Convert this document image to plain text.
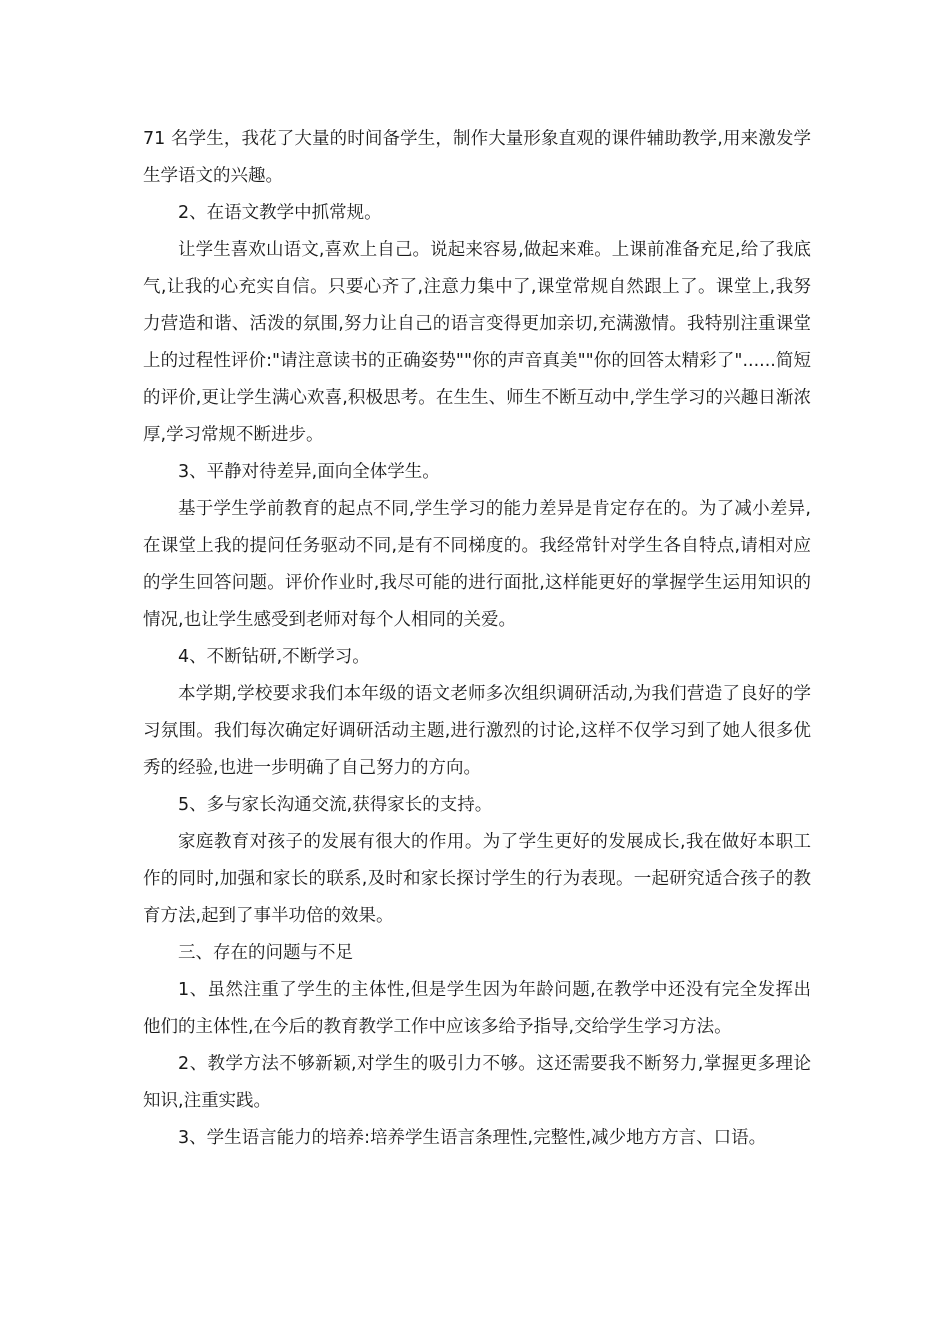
71 名学生，我花了大量的时间备学生，制作大量形象直观的课件辅助教学,用来激发学生学语文的兴趣。

2、在语文教学中抓常规。

让学生喜欢山语文,喜欢上自己。说起来容易,做起来难。上课前准备充足,给了我底气,让我的心充实自信。只要心齐了,注意力集中了,课堂常规自然跟上了。课堂上,我努力营造和谐、活泼的氛围,努力让自己的语言变得更加亲切,充满激情。我特别注重课堂上的过程性评价:"请注意读书的正确姿势""你的声音真美""你的回答太精彩了"......简短的评价,更让学生满心欢喜,积极思考。在生生、师生不断互动中,学生学习的兴趣日渐浓厚,学习常规不断进步。

3、平静对待差异,面向全体学生。

基于学生学前教育的起点不同,学生学习的能力差异是肯定存在的。为了减小差异,在课堂上我的提问任务驱动不同,是有不同梯度的。我经常针对学生各自特点,请相对应的学生回答问题。评价作业时,我尽可能的进行面批,这样能更好的掌握学生运用知识的情况,也让学生感受到老师对每个人相同的关爱。

4、不断钻研,不断学习。

本学期,学校要求我们本年级的语文老师多次组织调研活动,为我们营造了良好的学习氛围。我们每次确定好调研活动主题,进行激烈的讨论,这样不仅学习到了她人很多优秀的经验,也进一步明确了自己努力的方向。

5、多与家长沟通交流,获得家长的支持。

家庭教育对孩子的发展有很大的作用。为了学生更好的发展成长,我在做好本职工作的同时,加强和家长的联系,及时和家长探讨学生的行为表现。一起研究适合孩子的教育方法,起到了事半功倍的效果。

三、存在的问题与不足

1、虽然注重了学生的主体性,但是学生因为年龄问题,在教学中还没有完全发挥出他们的主体性,在今后的教育教学工作中应该多给予指导,交给学生学习方法。

2、教学方法不够新颖,对学生的吸引力不够。这还需要我不断努力,掌握更多理论知识,注重实践。

3、学生语言能力的培养:培养学生语言条理性,完整性,减少地方方言、口语。
